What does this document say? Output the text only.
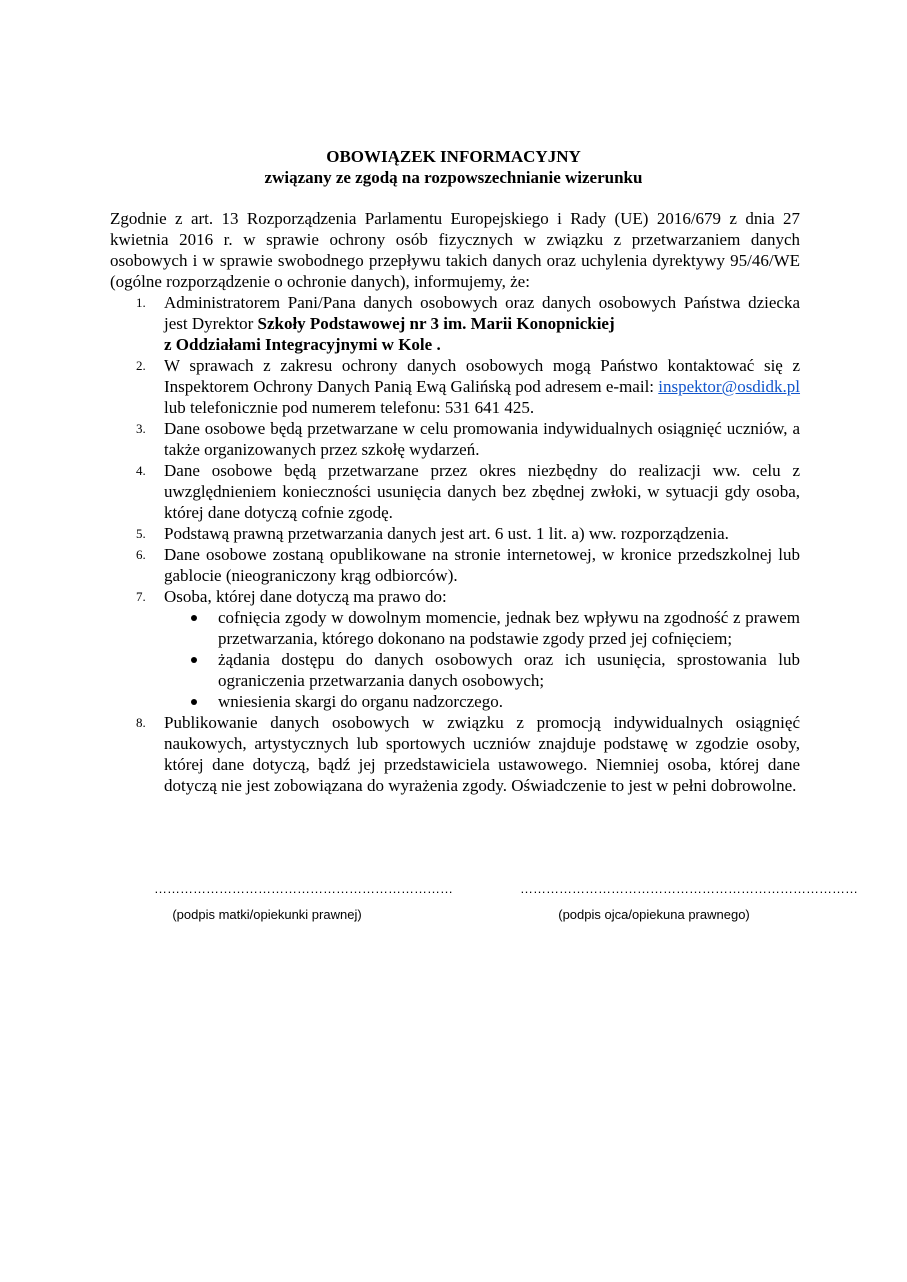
OBOWIĄZEK INFORMACYJNY
związany ze zgodą na rozpowszechnianie wizerunku
Zgodnie z art. 13 Rozporządzenia Parlamentu Europejskiego i Rady (UE) 2016/679 z dnia 27 kwietnia 2016 r. w sprawie ochrony osób fizycznych w związku z przetwarzaniem danych osobowych i w sprawie swobodnego przepływu takich danych oraz uchylenia dyrektywy 95/46/WE (ogólne rozporządzenie o ochronie danych), informujemy, że:
1. Administratorem Pani/Pana danych osobowych oraz danych osobowych Państwa dziecka jest Dyrektor Szkoły Podstawowej nr 3 im. Marii Konopnickiej
z Oddziałami Integracyjnymi w Kole .
2. W sprawach z zakresu ochrony danych osobowych mogą Państwo kontaktować się z Inspektorem Ochrony Danych Panią Ewą Galińską pod adresem e-mail: inspektor@osdidk.pl lub telefonicznie pod numerem telefonu: 531 641 425.
3. Dane osobowe będą przetwarzane w celu promowania indywidualnych osiągnięć uczniów, a także organizowanych przez szkołę wydarzeń.
4. Dane osobowe będą przetwarzane przez okres niezbędny do realizacji ww. celu z uwzględnieniem konieczności usunięcia danych bez zbędnej zwłoki, w sytuacji gdy osoba, której dane dotyczą cofnie zgodę.
5. Podstawą prawną przetwarzania danych jest art. 6 ust. 1 lit. a) ww. rozporządzenia.
6. Dane osobowe zostaną opublikowane na stronie internetowej, w kronice przedszkolnej lub gablocie (nieograniczony krąg odbiorców).
7. Osoba, której dane dotyczą ma prawo do:
cofnięcia zgody w dowolnym momencie, jednak bez wpływu na zgodność z prawem przetwarzania, którego dokonano na podstawie zgody przed jej cofnięciem;
żądania dostępu do danych osobowych oraz ich usunięcia, sprostowania lub ograniczenia przetwarzania danych osobowych;
wniesienia skargi do organu nadzorczego.
8. Publikowanie danych osobowych w związku z promocją indywidualnych osiągnięć naukowych, artystycznych lub sportowych uczniów znajduje podstawę w zgodzie osoby, której dane dotyczą, bądź jej przedstawiciela ustawowego. Niemniej osoba, której dane dotyczą nie jest zobowiązana do wyrażenia zgody. Oświadczenie to jest w pełni dobrowolne.
……………………………………………………………
(podpis matki/opiekunki prawnej)
……………………………………………………………………
(podpis ojca/opiekuna prawnego)
